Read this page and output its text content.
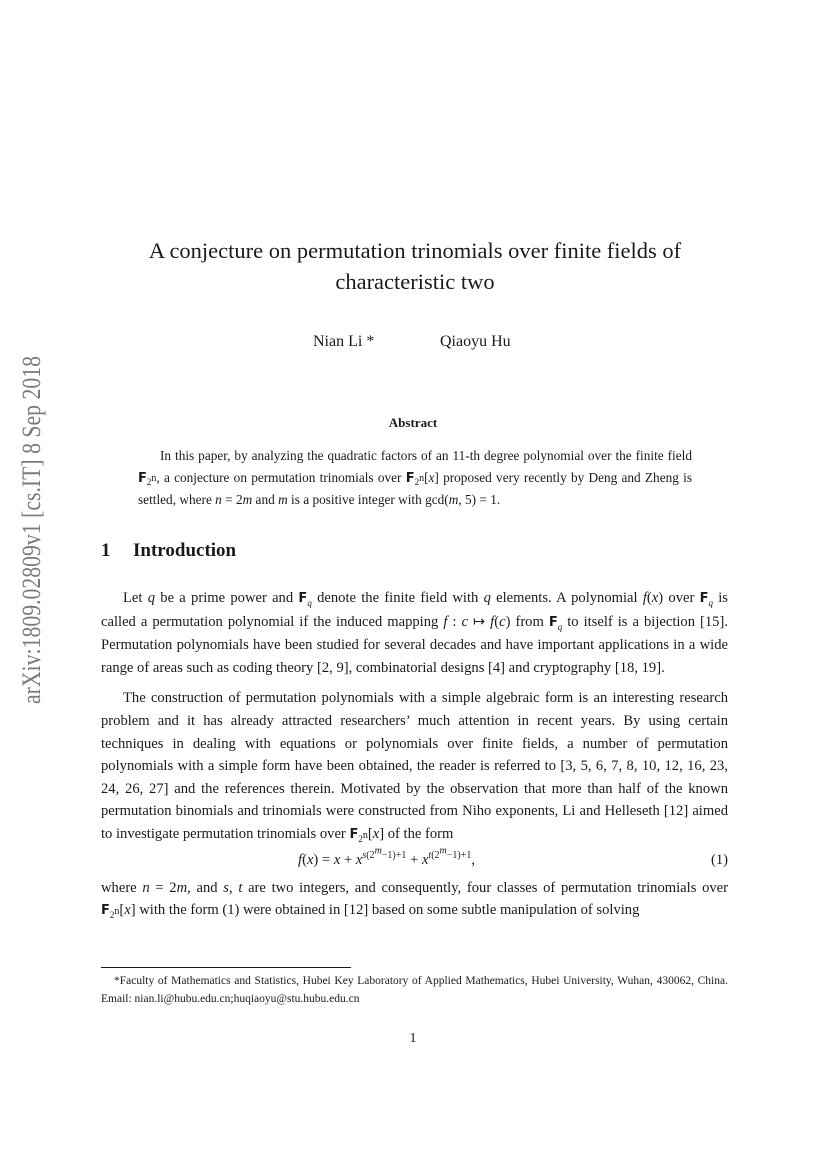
arXiv:1809.02809v1 [cs.IT] 8 Sep 2018
A conjecture on permutation trinomials over finite fields of
characteristic two
Nian Li *	Qiaoyu Hu
Abstract

In this paper, by analyzing the quadratic factors of an 11-th degree polynomial over the finite field $F_{2^n}$, a conjecture on permutation trinomials over $F_{2^n}[x]$ proposed very recently by Deng and Zheng is settled, where n = 2m and m is a positive integer with gcd(m, 5) = 1.

1 Introduction

Let q be a prime power and $F_q$ denote the finite field with q elements. A polynomial f(x) over $F_q$ is called a permutation polynomial if the induced mapping f : c ↦ f(c) from $F_q$ to itself is a bijection [15]. Permutation polynomials have been studied for several decades and have important applications in a wide range of areas such as coding theory [2, 9], combinatorial designs [4] and cryptography [18, 19].

The construction of permutation polynomials with a simple algebraic form is an interesting research problem and it has already attracted researchers’ much attention in recent years. By using certain techniques in dealing with equations or polynomials over finite fields, a number of permutation polynomials with a simple form have been obtained, the reader is referred to [3, 5, 6, 7, 8, 10, 12, 16, 23, 24, 26, 27] and the references therein. Motivated by the observation that more than half of the known permutation binomials and trinomials were constructed from Niho exponents, Li and Helleseth [12] aimed to investigate permutation trinomials over $F_{2^n}[x]$ of the form

$f(x) = x + x^{s(2^m-1)+1} + x^{t(2^m-1)+1}$,	(1)

where n = 2m, and s, t are two integers, and consequently, four classes of permutation trinomials over $F_{2^n}[x]$ with the form (1) were obtained in [12] based on some subtle manipulation of solving

*Faculty of Mathematics and Statistics, Hubei Key Laboratory of Applied Mathematics, Hubei University, Wuhan, 430062, China. Email: nian.li@hubu.edu.cn;huqiaoyu@stu.hubu.edu.cn

1
